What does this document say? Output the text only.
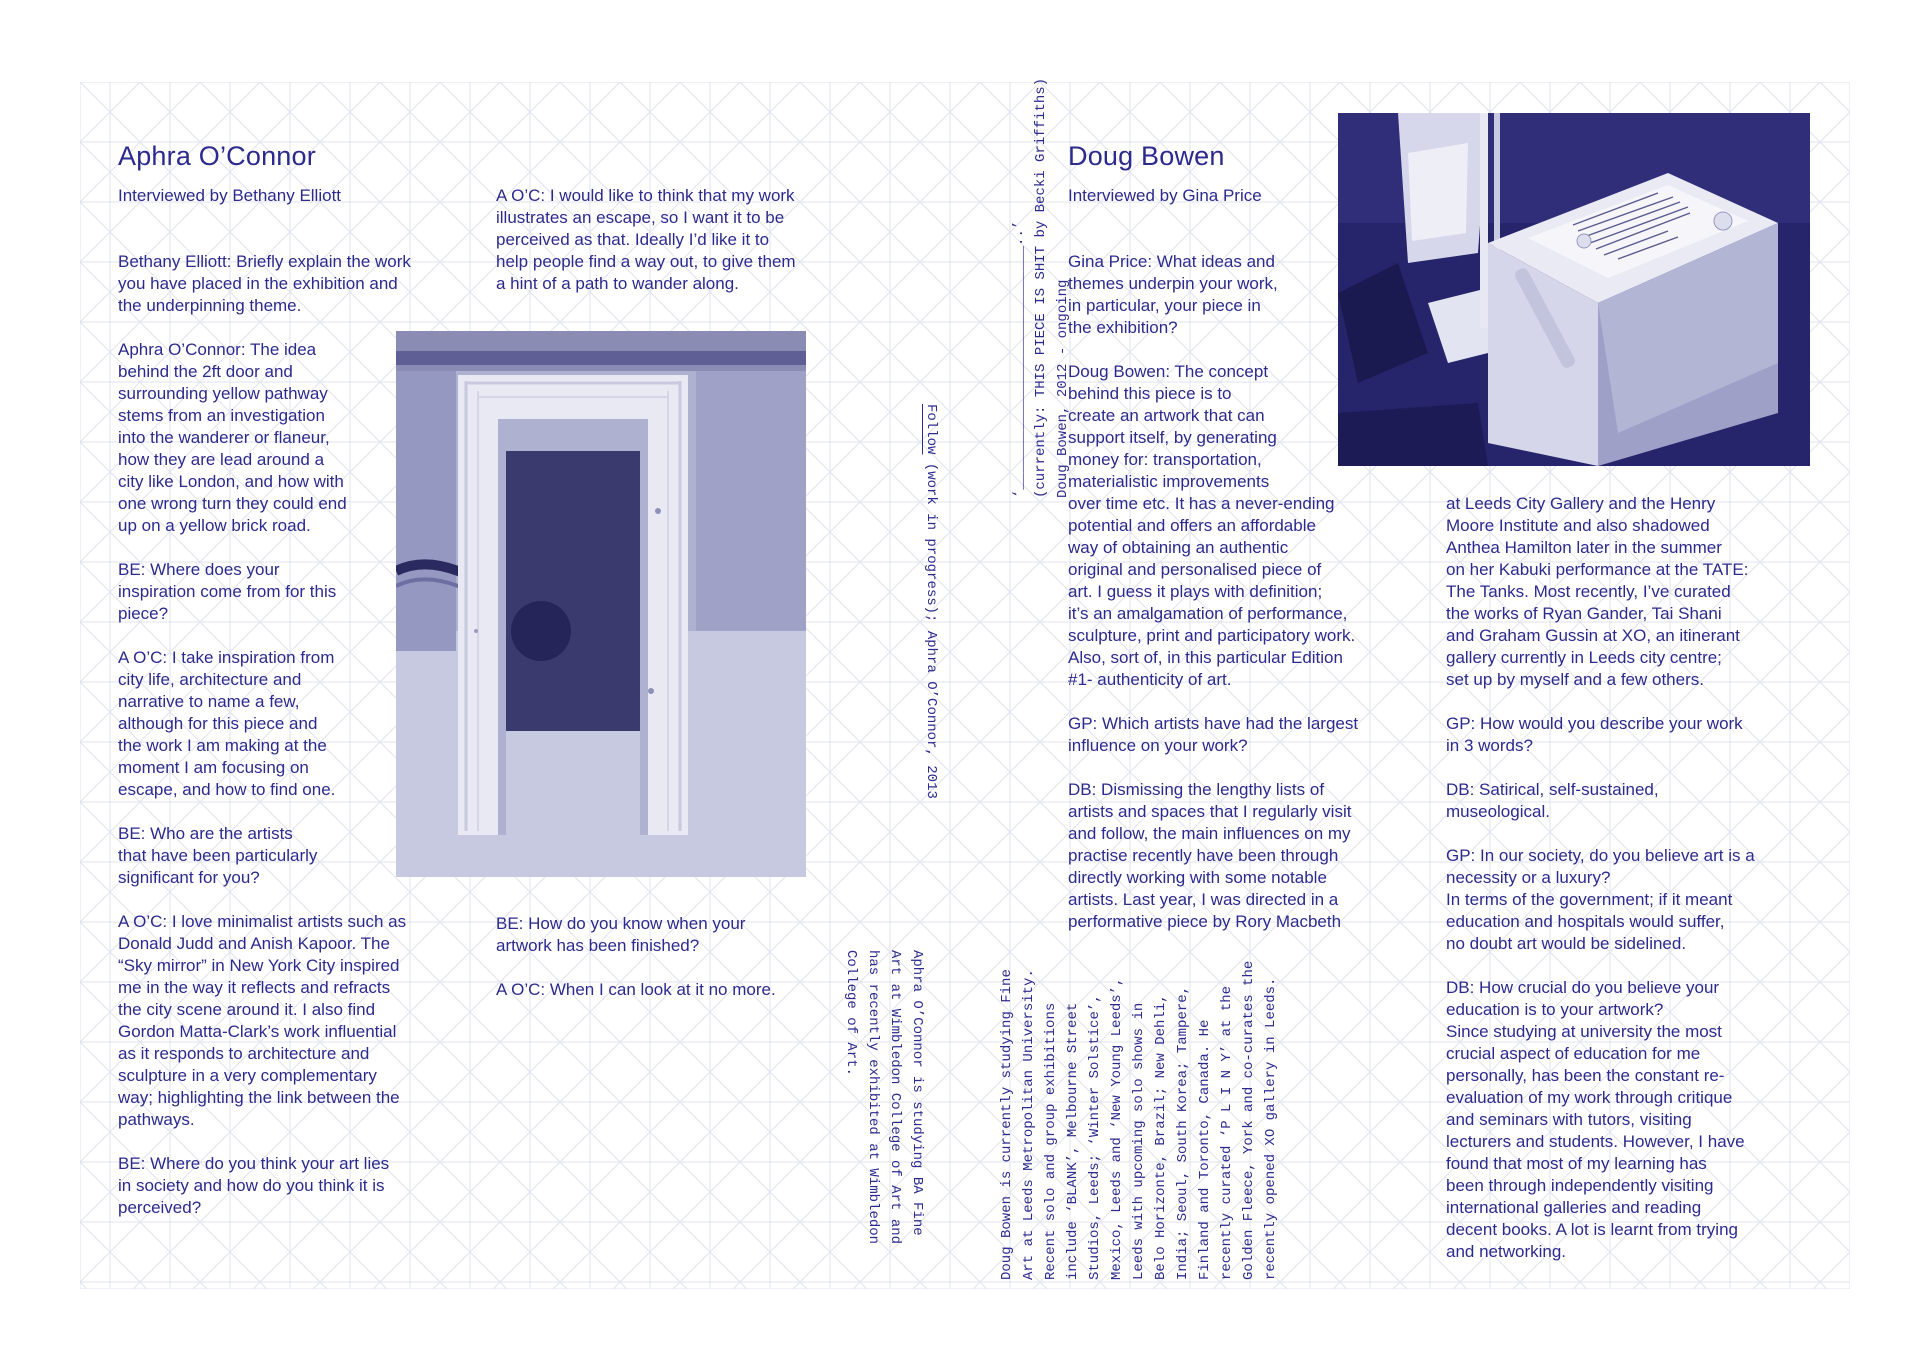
Aphra O’Connor
Interviewed by Bethany Elliott
Bethany Elliott: Briefly explain the work
you have placed in the exhibition and
the underpinning theme.
Aphra O’Connor: The idea
behind the 2ft door and
surrounding yellow pathway
stems from an investigation
into the wanderer or flaneur,
how they are lead around a
city like London, and how with
one wrong turn they could end
up on a yellow brick road.
BE: Where does your
inspiration come from for this
piece?
A O’C: I take inspiration from
city life, architecture and
narrative to name a few,
although for this piece and
the work I am making at the
moment I am focusing on
escape, and how to find one.
BE: Who are the artists
that have been particularly
significant for you?
A O’C: I love minimalist artists such as
Donald Judd and Anish Kapoor. The
“Sky mirror” in New York City inspired
me in the way it reflects and refracts
the city scene around it. I also find
Gordon Matta-Clark’s work influential
as it responds to architecture and
sculpture in a very complementary
way; highlighting the link between the
pathways.
BE: Where do you think your art lies
in society and how do you think it is
perceived?
A O’C: I would like to think that my work
illustrates an escape, so I want it to be
perceived as that. Ideally I’d like it to
help people find a way out, to give them
a hint of a path to wander along.
BE: How do you know when your
artwork has been finished?
A O’C: When I can look at it no more.
Follow (work in progress); Aphra O’Connor, 2013
Aphra O’Connor is studying BA Fine
Art at Wimbledon College of Art and
has recently exhibited at Wimbledon
College of Art.
‘_____________________________..’ (currently: THIS PIECE IS SHIT by Becki Griffiths) Doug Bowen, 2012 - ongoing
Doug Bowen
Interviewed by Gina Price
Gina Price: What ideas and
themes underpin your work,
in particular, your piece in
the exhibition?
Doug Bowen: The concept
behind this piece is to
create an artwork that can
support itself, by generating
money for: transportation,
materialistic improvements
over time etc. It has a never-ending
potential and offers an affordable
way of obtaining an authentic
original and personalised piece of
art. I guess it plays with definition;
it’s an amalgamation of performance,
sculpture, print and participatory work.
Also, sort of, in this particular Edition
#1- authenticity of art.
GP: Which artists have had the largest
influence on your work?
DB: Dismissing the lengthy lists of
artists and spaces that I regularly visit
and follow, the main influences on my
practise recently have been through
directly working with some notable
artists. Last year, I was directed in a
performative piece by Rory Macbeth
at Leeds City Gallery and the Henry
Moore Institute and also shadowed
Anthea Hamilton later in the summer
on her Kabuki performance at the TATE:
The Tanks. Most recently, I’ve curated
the works of Ryan Gander, Tai Shani
and Graham Gussin at XO, an itinerant
gallery currently in Leeds city centre;
set up by myself and a few others.
GP: How would you describe your work
in 3 words?
DB: Satirical, self-sustained,
museological.
GP: In our society, do you believe art is a
necessity or a luxury?
In terms of the government; if it meant
education and hospitals would suffer,
no doubt art would be sidelined.
DB: How crucial do you believe your
education is to your artwork?
Since studying at university the most
crucial aspect of education for me
personally, has been the constant re-
evaluation of my work through critique
and seminars with tutors, visiting
lecturers and students. However, I have
found that most of my learning has
been through independently visiting
international galleries and reading
decent books. A lot is learnt from trying
and networking.
Doug Bowen is currently studying Fine
Art at Leeds Metropolitan University.
Recent solo and group exhibitions
include ‘BLANK’, Melbourne Street
Studios, Leeds; ‘Winter Solstice’,
Mexico, Leeds and ‘New Young Leeds’,
Leeds with upcoming solo shows in
Belo Horizonte, Brazil; New Dehli,
India; Seoul, South Korea; Tampere,
Finland and Toronto, Canada. He
recently curated ‘P L I N Y’ at the
Golden Fleece, York and co-curates the
recently opened XO gallery in Leeds.
